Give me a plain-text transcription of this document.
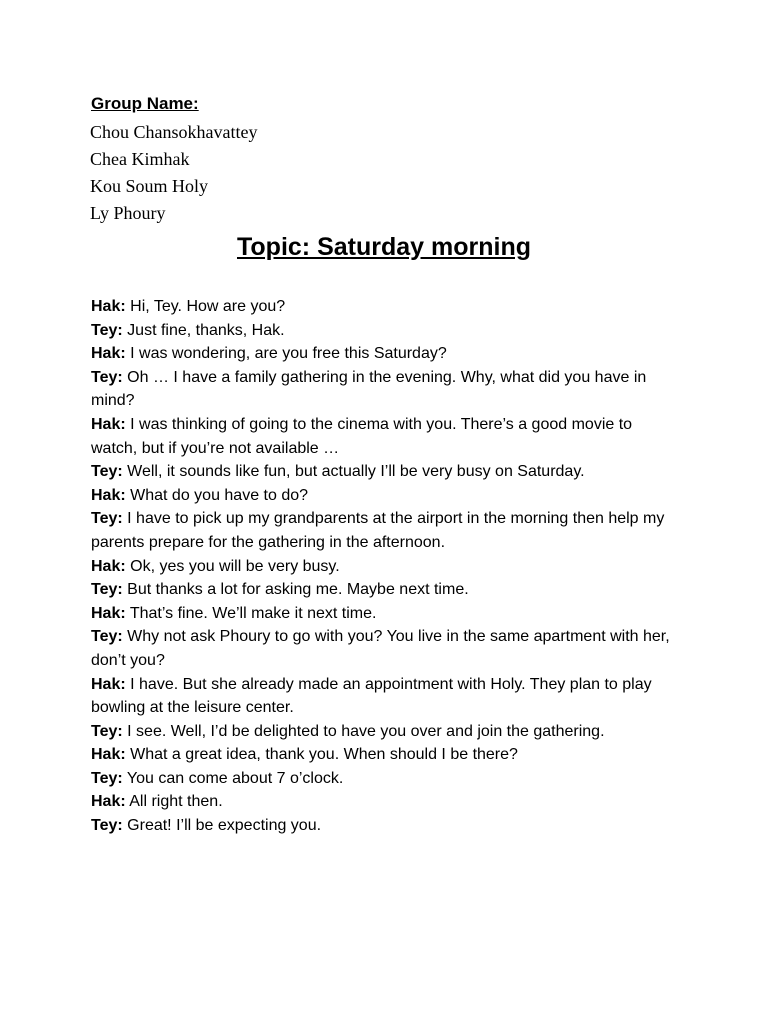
Group Name:
Chou Chansokhavattey
Chea Kimhak
Kou Soum Holy
Ly Phoury
Topic: Saturday morning

Hak: Hi, Tey. How are you?

Tey: Just fine, thanks, Hak.

Hak: I was wondering, are you free this Saturday?

Tey: Oh … I have a family gathering in the evening. Why, what did you have in mind?

Hak: I was thinking of going to the cinema with you. There’s a good movie to watch, but if you’re not available …

Tey: Well, it sounds like fun, but actually I’ll be very busy on Saturday.

Hak: What do you have to do?

Tey: I have to pick up my grandparents at the airport in the morning then help my parents prepare for the gathering in the afternoon.

Hak: Ok, yes you will be very busy.

Tey: But thanks a lot for asking me. Maybe next time.

Hak: That’s fine. We’ll make it next time.

Tey: Why not ask Phoury to go with you? You live in the same apartment with her, don’t you?

Hak: I have. But she already made an appointment with Holy. They plan to play bowling at the leisure center.

Tey: I see. Well, I’d be delighted to have you over and join the gathering.

Hak: What a great idea, thank you. When should I be there?

Tey: You can come about 7 o’clock.

Hak: All right then.

Tey: Great! I’ll be expecting you.
